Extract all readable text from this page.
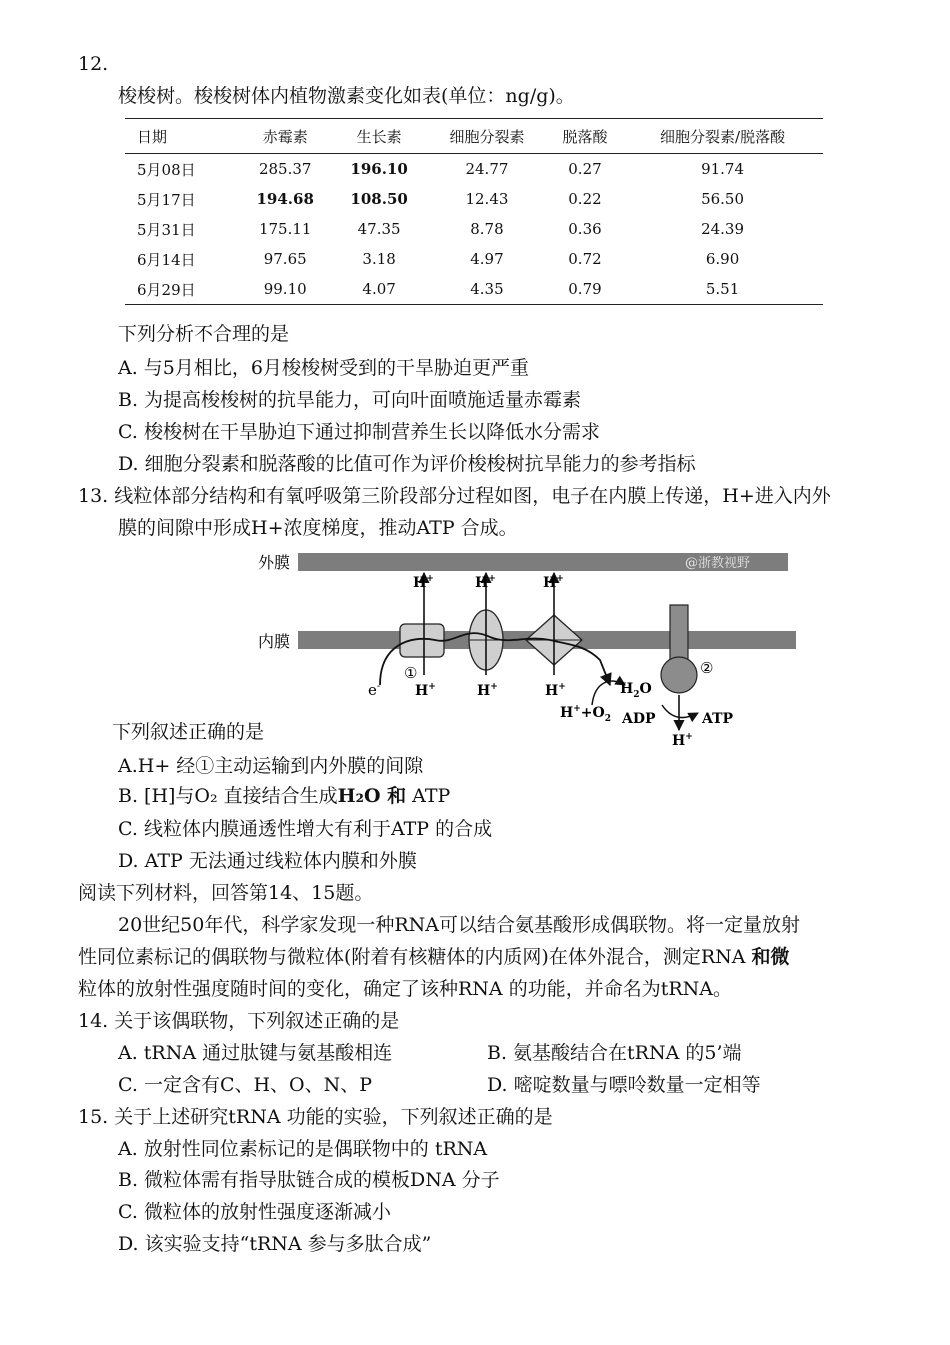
12.
梭梭树。梭梭树体内植物激素变化如表(单位：ng/g)。
日期	赤霉素	生长素	细胞分裂素	脱落酸	细胞分裂素/脱落酸
5月08日	285.37	196.10	24.77	0.27	91.74
5月17日	194.68	108.50	12.43	0.22	56.50
5月31日	175.11	47.35	8.78	0.36	24.39
6月14日	97.65	3.18	4.97	0.72	6.90
6月29日	99.10	4.07	4.35	0.79	5.51
下列分析不合理的是
A. 与5月相比，6月梭梭树受到的干旱胁迫更严重
B. 为提高梭梭树的抗旱能力，可向叶面喷施适量赤霉素
C. 梭梭树在干旱胁迫下通过抑制营养生长以降低水分需求
D. 细胞分裂素和脱落酸的比值可作为评价梭梭树抗旱能力的参考指标
13. 线粒体部分结构和有氧呼吸第三阶段部分过程如图，电子在内膜上传递，H+进入内外
膜的间隙中形成H+浓度梯度，推动ATP 合成。
外膜
内膜
@浙教视野
①	②
e-
H+	H+	H+
H+	H+	H+	$H_2O$
$H^++O_2$ ADP	ATP
H+
下列叙述正确的是
A.H+ 经①主动运输到内外膜的间隙
B. [H]与O₂ 直接结合生成H₂O 和 ATP
C. 线粒体内膜通透性增大有利于ATP 的合成
D. ATP 无法通过线粒体内膜和外膜
阅读下列材料，回答第14、15题。
20世纪50年代，科学家发现一种RNA可以结合氨基酸形成偶联物。将一定量放射
性同位素标记的偶联物与微粒体(附着有核糖体的内质网)在体外混合，测定RNA 和微
粒体的放射性强度随时间的变化，确定了该种RNA 的功能，并命名为tRNA。
14. 关于该偶联物，下列叙述正确的是
A. tRNA 通过肽键与氨基酸相连	B. 氨基酸结合在tRNA 的5’端
C. 一定含有C、H、O、N、P	D. 嘧啶数量与嘌呤数量一定相等
15. 关于上述研究tRNA 功能的实验，下列叙述正确的是
A. 放射性同位素标记的是偶联物中的 tRNA
B. 微粒体需有指导肽链合成的模板DNA 分子
C. 微粒体的放射性强度逐渐减小
D. 该实验支持“tRNA 参与多肽合成”
